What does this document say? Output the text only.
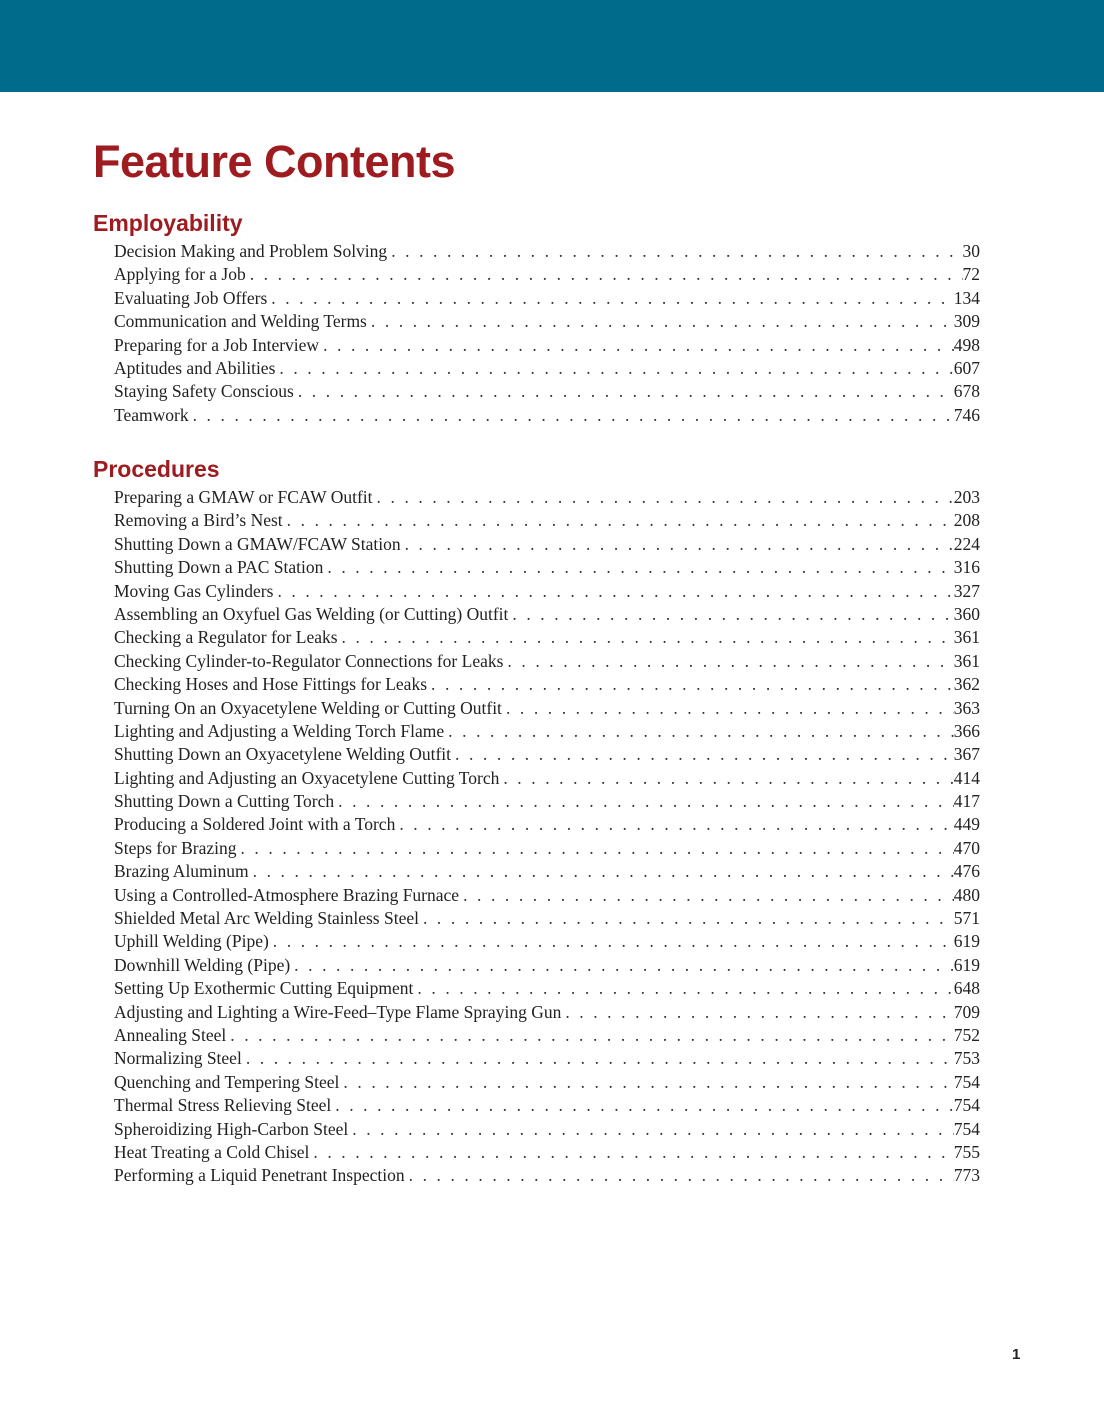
Feature Contents
Employability
Decision Making and Problem Solving . . .	30
Applying for a Job . . .	72
Evaluating Job Offers . . .	134
Communication and Welding Terms . . .	309
Preparing for a Job Interview . . .	498
Aptitudes and Abilities . . .	607
Staying Safety Conscious . . .	678
Teamwork . . .	746
Procedures
Preparing a GMAW or FCAW Outfit . . .	203
Removing a Bird’s Nest . . .	208
Shutting Down a GMAW/FCAW Station . . .	224
Shutting Down a PAC Station . . .	316
Moving Gas Cylinders . . .	327
Assembling an Oxyfuel Gas Welding (or Cutting) Outfit . . .	360
Checking a Regulator for Leaks . . .	361
Checking Cylinder-to-Regulator Connections for Leaks . . .	361
Checking Hoses and Hose Fittings for Leaks . . .	362
Turning On an Oxyacetylene Welding or Cutting Outfit . . .	363
Lighting and Adjusting a Welding Torch Flame . . .	366
Shutting Down an Oxyacetylene Welding Outfit . . .	367
Lighting and Adjusting an Oxyacetylene Cutting Torch . . .	414
Shutting Down a Cutting Torch . . .	417
Producing a Soldered Joint with a Torch . . .	449
Steps for Brazing . . .	470
Brazing Aluminum . . .	476
Using a Controlled-Atmosphere Brazing Furnace . . .	480
Shielded Metal Arc Welding Stainless Steel . . .	571
Uphill Welding (Pipe) . . .	619
Downhill Welding (Pipe) . . .	619
Setting Up Exothermic Cutting Equipment . . .	648
Adjusting and Lighting a Wire-Feed–Type Flame Spraying Gun . . .	709
Annealing Steel . . .	752
Normalizing Steel . . .	753
Quenching and Tempering Steel . . .	754
Thermal Stress Relieving Steel . . .	754
Spheroidizing High-Carbon Steel . . .	754
Heat Treating a Cold Chisel . . .	755
Performing a Liquid Penetrant Inspection . . .	773
1
